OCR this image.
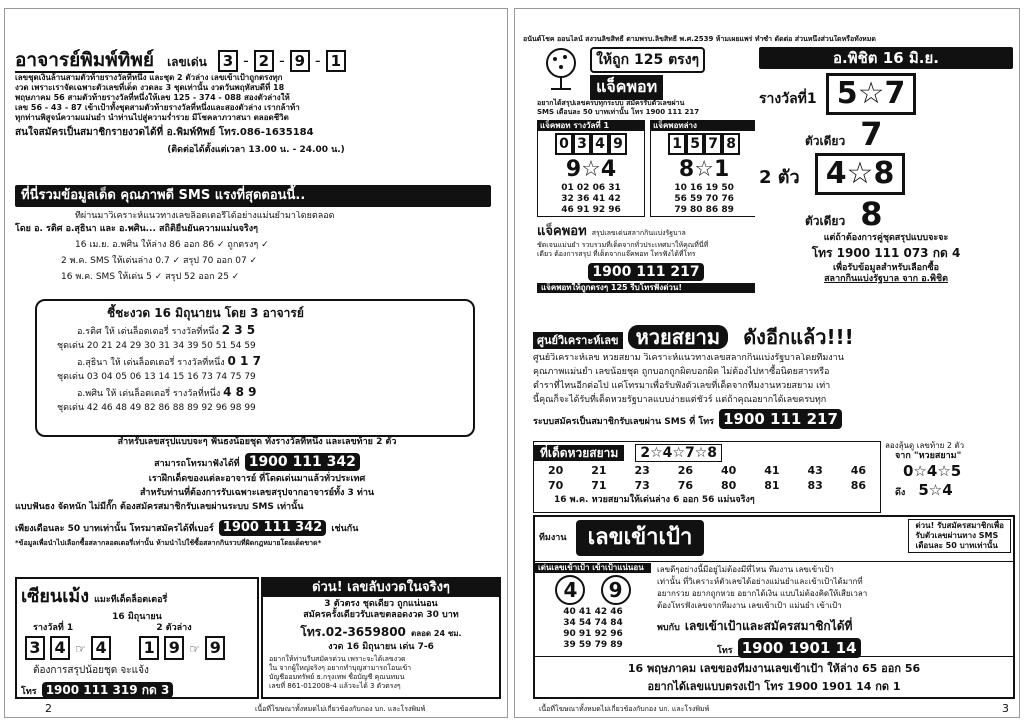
อาจารย์พิมพ์ทิพย์ เลขเด่น 3 - 2 - 9 - 1
เลขชุดเงินล้านสามตัวท้ายรางวัลที่หนึ่ง และชุด 2 ตัวล่าง เลขเข้าเป้าถูกตรงทุก
งวด เพราะเราจัดเฉพาะตัวเลขที่เด็ด งวดละ 3 ชุดเท่านั้น งวดวันพฤหัสบดีที่ 18
พฤษภาคม 56 สามตัวท้ายรางวัลที่หนึ่งให้เลข 125 - 374 - 088 สองตัวล่างให้
เลข 56 - 43 - 87 เข้าเป้าทั้งชุดสามตัวท้ายรางวัลที่หนึ่งและสองตัวล่าง เรากล้าท้า
ทุกท่านพิสูจน์ความแม่นยำ นำท่านไปสู่ความร่ำรวย มีโชคลาภวาสนา ตลอดชีวิต
สนใจสมัครเป็นสมาชิกรายงวดได้ที่ อ.พิมพ์ทิพย์ โทร.086-1635184
(ติดต่อได้ตั้งแต่เวลา 13.00 น. - 24.00 น.)
ที่นี่รวมข้อมูลเด็ด คุณภาพดี SMS แรงที่สุดตอนนี้..
ที่ผ่านมาวิเคราะห์แนวทางเลขล็อตเตอรี่ได้อย่างแม่นยำมาโดยตลอด
โดย อ. รติศ อ.สุธินา และ อ.พศิน... สถิติยืนยันความแม่นจริงๆ
16 เม.ย. อ.พศิน ให้ล่าง 86 ออก 86 ✓ ถูกตรงๆ ✓
2 พ.ค. SMS ให้เด่นล่าง 0.7 ✓ สรุป 70 ออก 07 ✓
16 พ.ค. SMS ให้เด่น 5 ✓ สรุป 52 ออก 25 ✓
ชี้ชะงวด 16 มิถุนายน โดย 3 อาจารย์
อ.รติศ ให้ เด่นล็อตเตอรี่ รางวัลที่หนึ่ง 2 3 5
ชุดเด่น 20 21 24 29 30 31 34 39 50 51 54 59
อ.สุธินา ให้ เด่นล็อตเตอรี่ รางวัลที่หนึ่ง 0 1 7
ชุดเด่น 03 04 05 06 13 14 15 16 73 74 75 79
อ.พศิน ให้ เด่นล็อตเตอรี่ รางวัลที่หนึ่ง 4 8 9
ชุดเด่น 42 46 48 49 82 86 88 89 92 96 98 99
สำหรับเลขสรุปแบบจะๆ ฟันธงน้อยชุด ทั้งรางวัลที่หนึ่ง และเลขท้าย 2 ตัว
สามารถโทรมาฟังได้ที่ 1900 111 342
เราฝึกเด็ดของแต่ละอาจารย์ ที่โดดเด่นมาแล้วทั่วประเทศ
สำหรับท่านที่ต้องการรับเฉพาะเลขสรุปจากอาจารย์ทั้ง 3 ท่าน
แบบฟันธง จัดหนัก ไม่มีกั๊ก ต้องสมัครสมาชิกรับเลขผ่านระบบ SMS เท่านั้น
เพียงเดือนละ 50 บาทเท่านั้น โทรมาสมัครได้ที่เบอร์ 1900 111 342 เช่นกัน
*ข้อมูลเพื่อนำไปเลือกซื้อสลากลอตเตอรี่เท่านั้น ห้ามนำไปใช้ซื้อสลากกินรวบที่ผิดกฎหมายโดยเด็ดขาด*
เซียนเม้ง แมะทีเด็ดล็อตเตอรี่
16 มิถุนายน
รางวัลที่ 1	2 ตัวล่าง
3 4 ☞ 4 1 9 ☞ 9
ต้องการสรุปน้อยชุด จะแจ้ง
โทร 1900 111 319 กด 3
ด่วน! เลขลับงวดในจริงๆ
3 ตัวตรง ชุดเดียว ถูกแน่นอน
สมัครครั้งเดียวรับเลขตลอดงวด 30 บาท
โทร.02-3659800 ตลอด 24 ชม.
งวด 16 มิถุนายน เด่น 7-6
อยากให้ท่านรีบสมัครด่วน เพราะจะได้เลขงวด
ใน จากผู้ใหญ่จริงๆ อยากทำบุญสามารถโอนเข้า
บัญชีออมทรัพย์ ธ.กรุงเทพ ชื่อบัญชี คุณนทมน
เลขที่ 861-012008-4 แล้วจะได้ 3 ตัวตรงๆ
เนื้อที่โฆษณาทั้งหมดไม่เกี่ยวข้องกับกอง บก. และโรงพิมพ์
2
อนันต์โชค ออนไลน์ สงวนลิขสิทธิ์ ตามพรบ.ลิขสิทธิ์ พ.ศ.2539 ห้ามเผยแพร่ ทำซ้ำ ดัดต่อ ส่วนหนึ่งส่วนใดหรือทั้งหมด

ให้ถูก 125 ตรงๆ
แจ็คพอท
อยากได้สรุปเลขครบทุกระบบ สมัครรับตัวเลขผ่าน
SMS เดือนละ 50 บาทเท่านั้น โทร 1900 111 217
แจ็คพอท รางวัลที่ 1
0 3 4 9
9☆4
01 02 06 31
32 36 41 42
46 91 92 96

แจ็คพอทล่าง
1 5 7 8
8☆1
10 16 19 50
56 59 70 76
79 80 86 89
แจ็คพอท สรุปเลขเด่นสลากกินแบ่งรัฐบาล
ชัดเจนแม่นยำ รวบรวมที่เด็ดจากทั่วประเทศมาให้คุณที่นี่ที่
เดียว ต้องการสรุป ที่เด็ดจากแจ๊คพอท โทรฟังได้ที่โทร
1900 111 217
แจ็คพอทให้ถูกตรงๆ 125 รีบโทรฟังด่วน!
อ.พิชิต 16 มิ.ย.
รางวัลที่1 5☆7
ตัวเดียว 7
2 ตัว 4☆8
ตัวเดียว 8
แต่ถ้าต้องการคู่ชุดสรุปแบบจะจะ
โทร 1900 111 073 กด 4
เพื่อรับข้อมูลสำหรับเลือกซื้อ
สลากกินแบ่งรัฐบาล จาก อ.พิชิต
ศูนย์วิเคราะห์เลข หวยสยาม ดังอีกแล้ว!!!
ศูนย์วิเคราะห์เลข หวยสยาม วิเคราะห์แนวทางเลขสลากกินแบ่งรัฐบาลโดยทีมงาน
คุณภาพแม่นยำ เลขน้อยชุด ถูกบอกถูกผิดบอกผิด ไม่ต้องไปหาซื้อนิตยสารหรือ
ตำราที่ไหนอีกต่อไป แค่โทรมาเพื่อรับฟังตัวเลขที่เด็ดจากทีมงานหวยสยาม เท่า
นี้คุณก็จะได้รับที่เด็ดหวยรัฐบาลแบบง่ายแต่ชัวร์ แต่ถ้าคุณอยากได้เลขครบทุก
ระบบสมัครเป็นสมาชิกรับเลขผ่าน SMS ที่ โทร 1900 111 217
ที่เด็ดหวยสยาม 2☆4☆7☆8
20	21	23	26	40	41	43	46
70	71	73	76	80	81	83	86
16 พ.ค. หวยสยามให้เด่นล่าง 6 ออก 56 แม่นจริงๆ
ลองลุ้นดู เลขท้าย 2 ตัว
จาก "หวยสยาม"
0☆4☆5
ดึง 5☆4
ทีมงาน เลขเข้าเป้า	ด่วน! รับสมัครสมาชิกเพื่อ
รับตัวเลขผ่านทาง SMS
เดือนละ 50 บาทเท่านั้น
เด่นเลขเข้าเป้า เข้าเป้าแน่นอน
4 9
40 41 42 46
34 54 74 84
90 91 92 96
39 59 79 89
เลขดีๆอย่างนี้มีอยู่ไม่ต้องมีที่ไหน ทีมงาน เลขเข้าเป้า
เท่านั้น ที่วิเคราะห์ตัวเลขได้อย่างแม่นยำและเข้าเป้าได้มากที่
อยากรวย อยากถูกหวย อยากได้เงิน แบบไม่ต้องคิดให้เสียเวลา
ต้องโทรฟังเลขจากทีมงาน เลขเข้าเป้า แม่นยำ เข้าเป้า
พบกับ เลขเข้าเป้าและสมัครสมาชิกได้ที่
โทร 1900 1901 14
16 พฤษภาคม เลขของทีมงานเลขเข้าเป้า ให้ล่าง 65 ออก 56
อยากได้เลขแบบตรงเป้า โทร 1900 1901 14 กด 1
เนื้อที่โฆษณาทั้งหมดไม่เกี่ยวข้องกับกอง บก. และโรงพิมพ์	3
